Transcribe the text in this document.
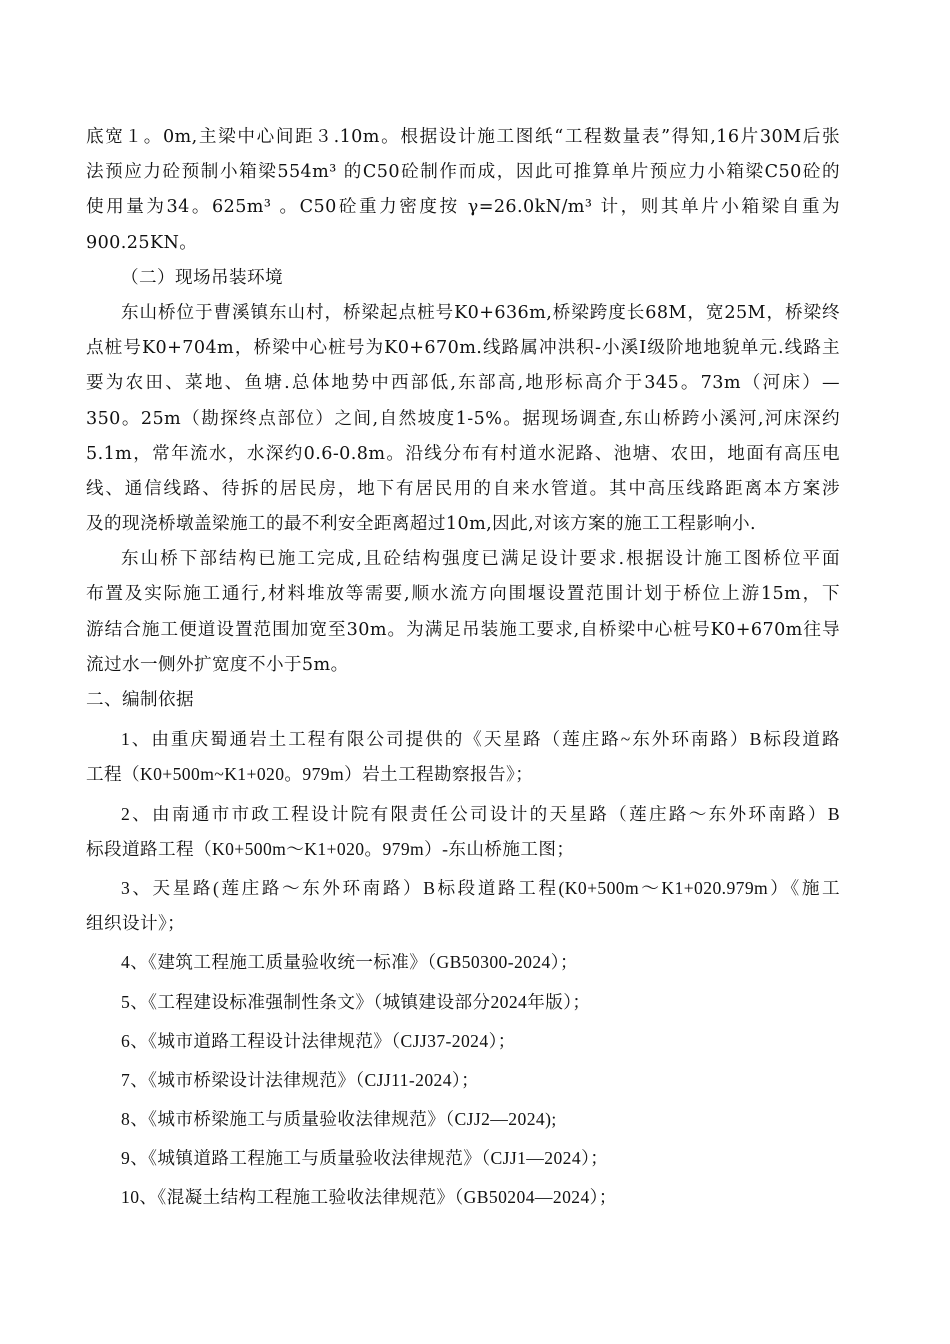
底宽１。0m,主梁中心间距３.10m。根据设计施工图纸“工程数量表”得知,16片30M后张
法预应力砼预制小箱梁554m³ 的C50砼制作而成，因此可推算单片预应力小箱梁C50砼的
使用量为34。625m³ 。C50砼重力密度按 γ=26.0kN/m³ 计，则其单片小箱梁自重为
900.25KN。
（二）现场吊装环境
东山桥位于曹溪镇东山村，桥梁起点桩号K0+636m,桥梁跨度长68M，宽25M，桥梁终
点桩号K0+704m，桥梁中心桩号为K0+670m.线路属冲洪积-小溪Ⅰ级阶地地貌单元.线路主
要为农田、菜地、鱼塘.总体地势中西部低,东部高,地形标高介于345。73m（河床）—
350。25m（勘探终点部位）之间,自然坡度1-5%。据现场调查,东山桥跨小溪河,河床深约
5.1m，常年流水，水深约0.6-0.8m。沿线分布有村道水泥路、池塘、农田，地面有高压电
线、通信线路、待拆的居民房，地下有居民用的自来水管道。其中高压线路距离本方案涉
及的现浇桥墩盖梁施工的最不利安全距离超过10m,因此,对该方案的施工工程影响小.
东山桥下部结构已施工完成,且砼结构强度已满足设计要求.根据设计施工图桥位平面
布置及实际施工通行,材料堆放等需要,顺水流方向围堰设置范围计划于桥位上游15m，下
游结合施工便道设置范围加宽至30m。为满足吊装施工要求,自桥梁中心桩号K0+670m往导
流过水一侧外扩宽度不小于5m。
二、编制依据
1、由重庆蜀通岩土工程有限公司提供的《天星路（莲庄路~东外环南路）B标段道路
工程（K0+500m~K1+020。979m）岩土工程勘察报告》；
2、由南通市市政工程设计院有限责任公司设计的天星路（莲庄路～东外环南路）B
标段道路工程（K0+500m～K1+020。979m）-东山桥施工图；
3、天星路(莲庄路～东外环南路）B标段道路工程(K0+500m～K1+020.979m）《施工
组织设计》；
4、《建筑工程施工质量验收统一标准》（GB50300-2024）；
5、《工程建设标准强制性条文》（城镇建设部分2024年版）；
6、《城市道路工程设计法律规范》（CJJ37-2024）；
7、《城市桥梁设计法律规范》（CJJ11-2024）；
8、《城市桥梁施工与质量验收法律规范》（CJJ2—2024);
9、《城镇道路工程施工与质量验收法律规范》（CJJ1—2024）；
10、《混凝土结构工程施工验收法律规范》（GB50204—2024）；
